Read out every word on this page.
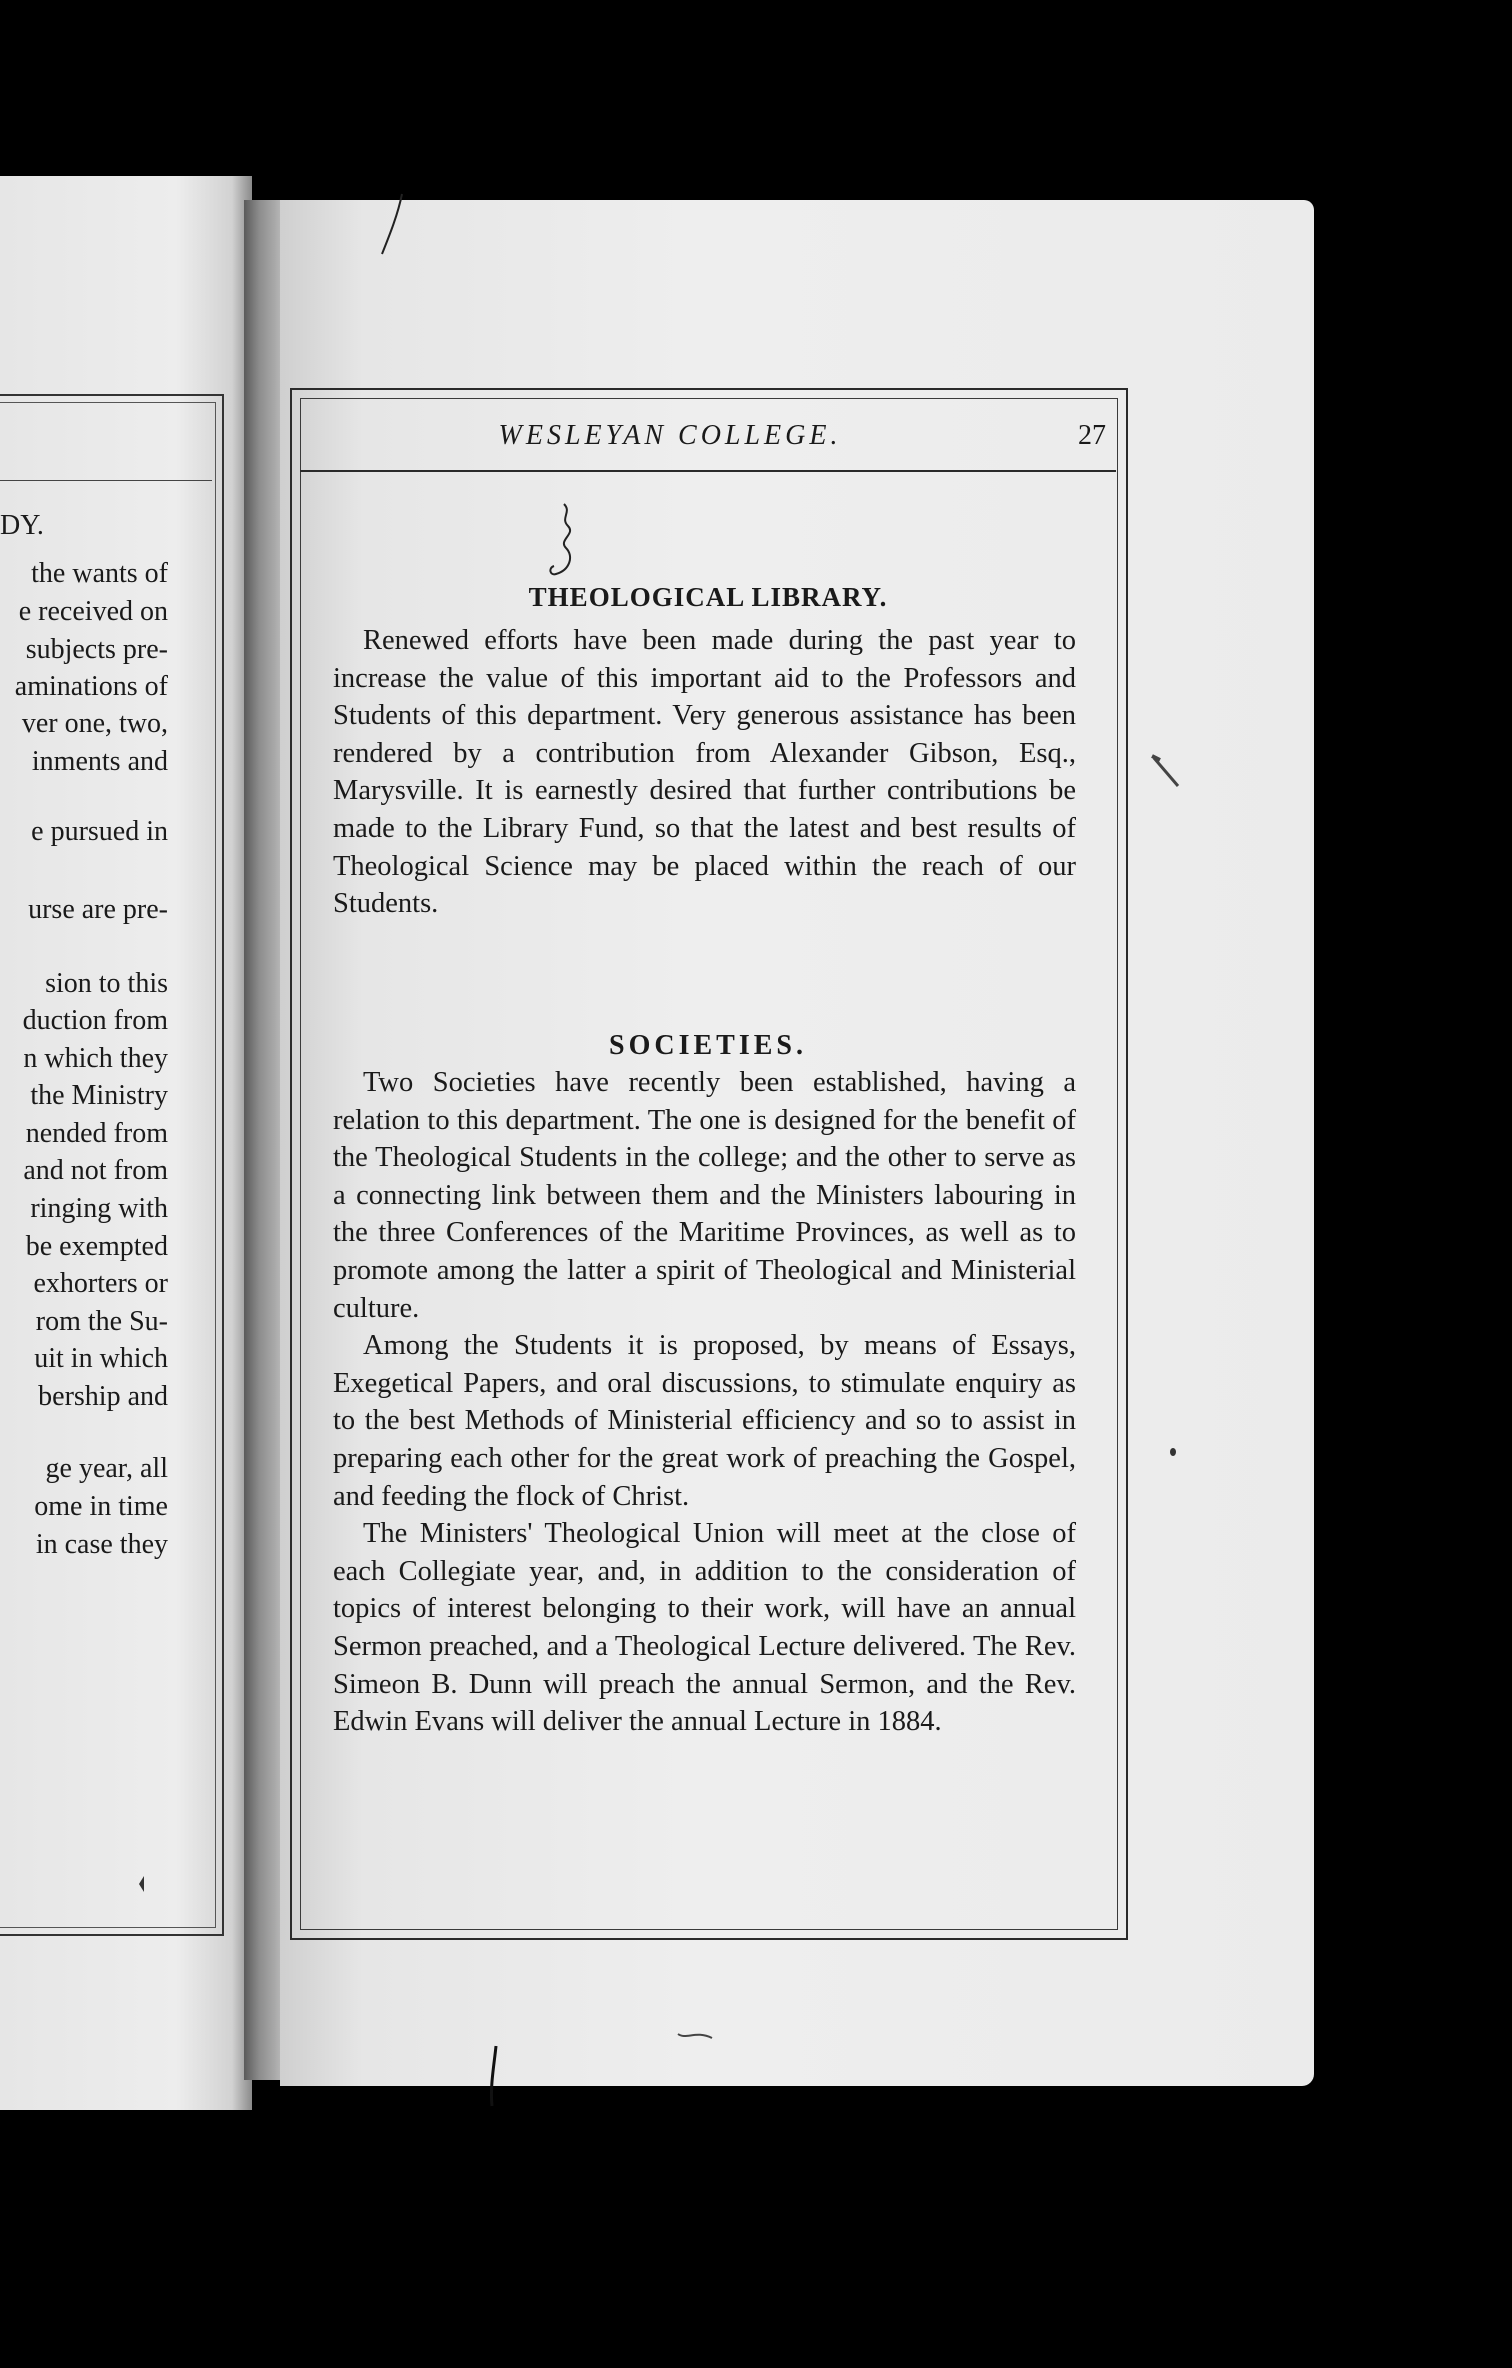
DY.
the wants of
e received on
subjects pre-
aminations of
ver one, two,
inments and
e pursued in
urse are pre-
sion to this
duction from
n which they
the Ministry
nended from
and not from
ringing with
be exempted
exhorters or
rom the Su-
uit in which
bership and
ge year, all
ome in time
in case they
WESLEYAN COLLEGE.	27
THEOLOGICAL LIBRARY.

Renewed efforts have been made during the past year to increase the value of this important aid to the Professors and Students of this department. Very generous assistance has been rendered by a contribution from Alexander Gibson, Esq., Marysville. It is earnestly desired that further contributions be made to the Library Fund, so that the latest and best results of Theological Science may be placed within the reach of our Students.

SOCIETIES.

Two Societies have recently been established, having a relation to this department. The one is designed for the benefit of the Theological Students in the college; and the other to serve as a connecting link between them and the Ministers labouring in the three Conferences of the Maritime Provinces, as well as to promote among the latter a spirit of Theological and Ministerial culture.

Among the Students it is proposed, by means of Essays, Exegetical Papers, and oral discussions, to stimulate enquiry as to the best Methods of Ministerial efficiency and so to assist in preparing each other for the great work of preaching the Gospel, and feeding the flock of Christ.

The Ministers' Theological Union will meet at the close of each Collegiate year, and, in addition to the consideration of topics of interest belonging to their work, will have an annual Sermon preached, and a Theological Lecture delivered. The Rev. Simeon B. Dunn will preach the annual Sermon, and the Rev. Edwin Evans will deliver the annual Lecture in 1884.
